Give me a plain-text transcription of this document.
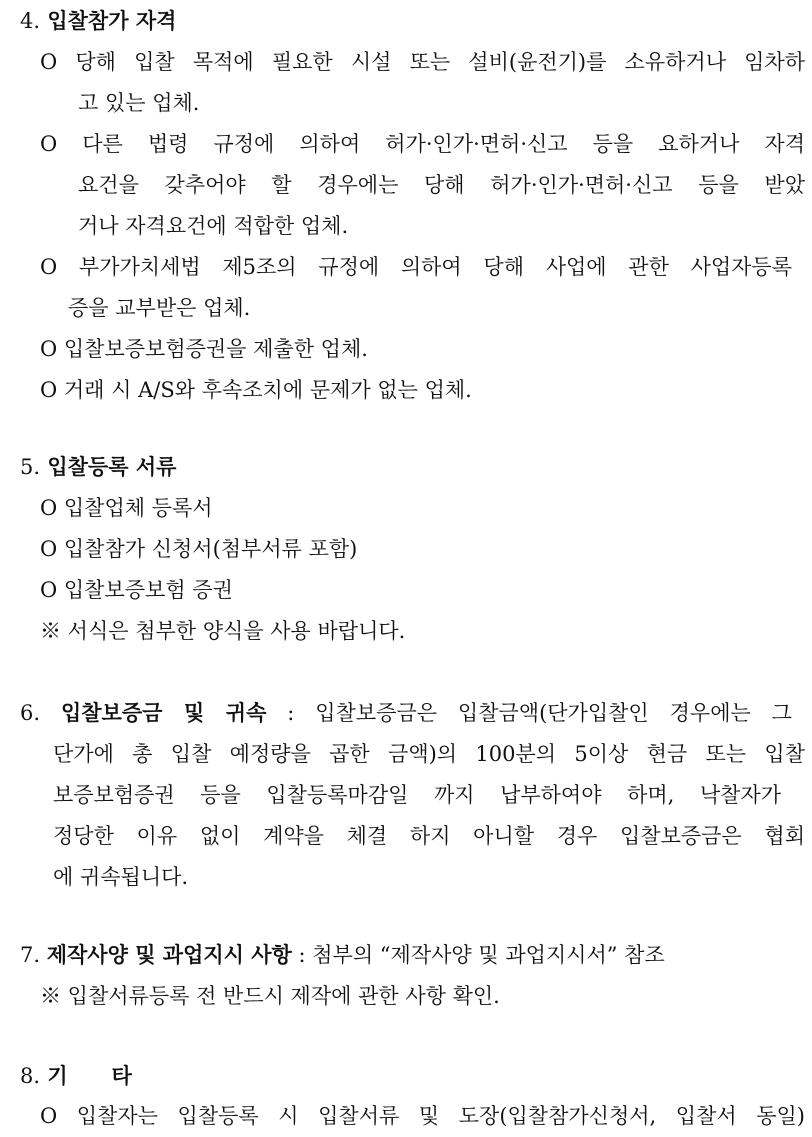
4. 입찰참가 자격
O 당해 입찰 목적에 필요한 시설 또는 설비(윤전기)를 소유하거나 임차하
고 있는 업체.
O 다른 법령 규정에 의하여 허가·인가·면허·신고 등을 요하거나 자격
요건을 갖추어야 할 경우에는 당해 허가·인가·면허·신고 등을 받았
거나 자격요건에 적합한 업체.
O 부가가치세법 제5조의 규정에 의하여 당해 사업에 관한 사업자등록
증을 교부받은 업체.
O 입찰보증보험증권을 제출한 업체.
O 거래 시 A/S와 후속조치에 문제가 없는 업체.
5. 입찰등록 서류
O 입찰업체 등록서
O 입찰참가 신청서(첨부서류 포함)
O 입찰보증보험 증권
※ 서식은 첨부한 양식을 사용 바랍니다.
6. 입찰보증금 및 귀속 : 입찰보증금은 입찰금액(단가입찰인 경우에는 그
단가에 총 입찰 예정량을 곱한 금액)의 100분의 5이상 현금 또는 입찰
보증보험증권 등을 입찰등록마감일 까지 납부하여야 하며, 낙찰자가
정당한 이유 없이 계약을 체결 하지 아니할 경우 입찰보증금은 협회
에 귀속됩니다.
7. 제작사양 및 과업지시 사항 : 첨부의 “제작사양 및 과업지시서” 참조
※ 입찰서류등록 전 반드시 제작에 관한 사항 확인.
8. 기      타
O 입찰자는 입찰등록 시 입찰서류 및 도장(입찰참가신청서, 입찰서 동일)
